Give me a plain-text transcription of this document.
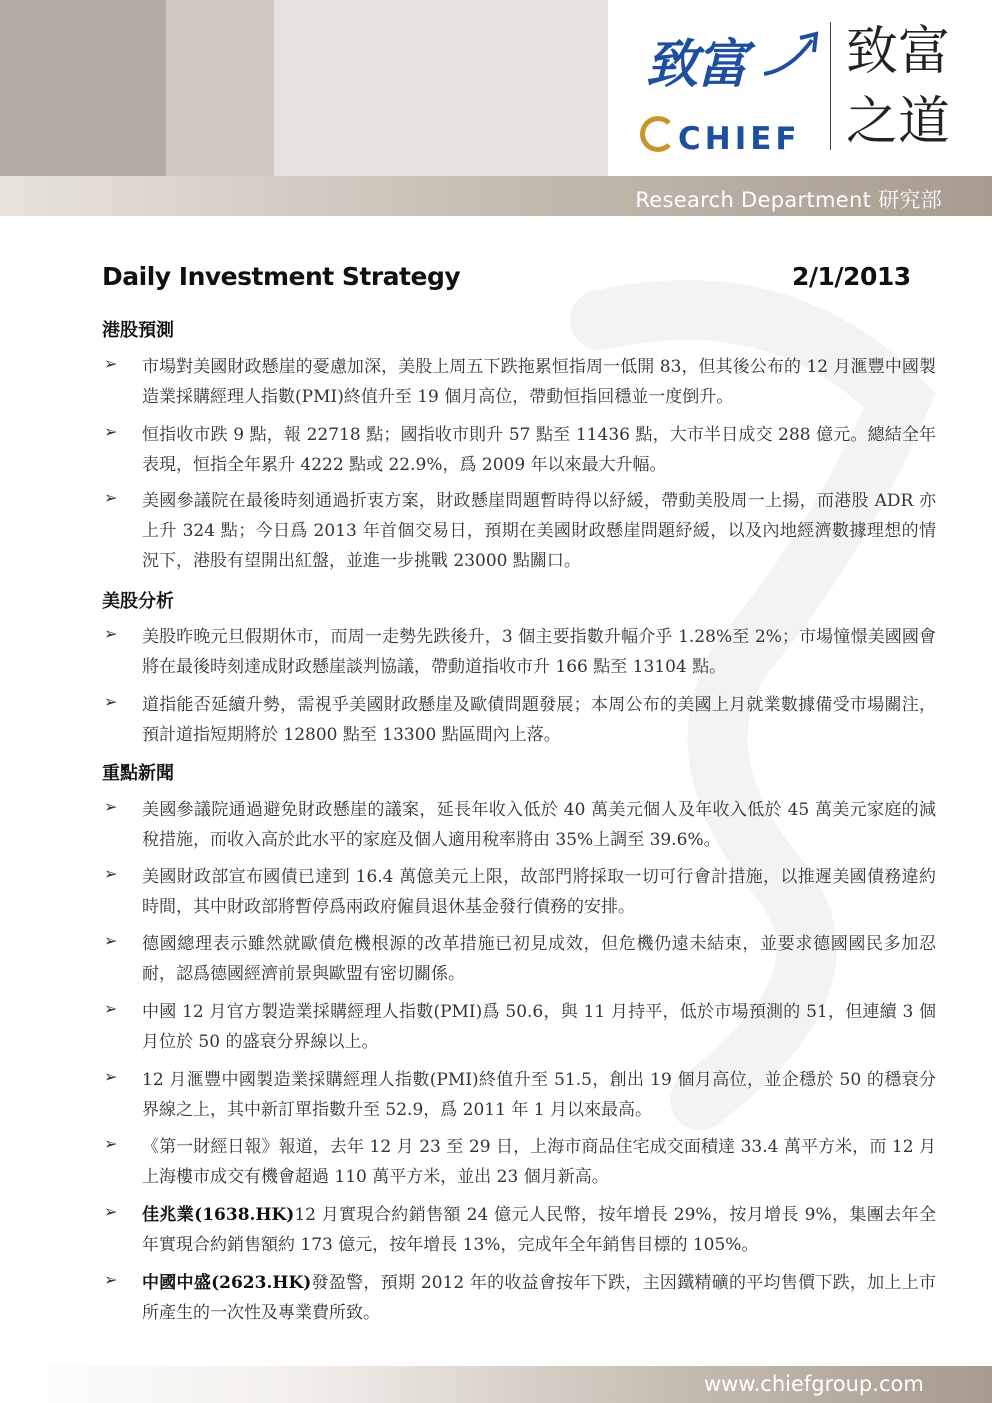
致富
CHIEF
致富
之道
Research Department 研究部
Daily Investment Strategy	2/1/2013
港股預測
➢ 市場對美國財政懸崖的憂慮加深，美股上周五下跌拖累恒指周一低開 83，但其後公布的 12 月滙豐中國製造業採購經理人指數(PMI)終值升至 19 個月高位，帶動恒指回穩並一度倒升。
➢ 恒指收市跌 9 點，報 22718 點；國指收市則升 57 點至 11436 點，大市半日成交 288 億元。總結全年表現，恒指全年累升 4222 點或 22.9%，爲 2009 年以來最大升幅。
➢ 美國參議院在最後時刻通過折衷方案，財政懸崖問題暫時得以紓緩，帶動美股周一上揚，而港股 ADR 亦上升 324 點；今日爲 2013 年首個交易日，預期在美國財政懸崖問題紓緩，以及內地經濟數據理想的情況下，港股有望開出紅盤，並進一步挑戰 23000 點關口。
美股分析
➢ 美股昨晚元旦假期休市，而周一走勢先跌後升，3 個主要指數升幅介乎 1.28%至 2%；市場憧憬美國國會將在最後時刻達成財政懸崖談判協議，帶動道指收市升 166 點至 13104 點。
➢ 道指能否延續升勢，需視乎美國財政懸崖及歐債問題發展；本周公布的美國上月就業數據備受市場關注，預計道指短期將於 12800 點至 13300 點區間內上落。
重點新聞
➢ 美國參議院通過避免財政懸崖的議案，延長年收入低於 40 萬美元個人及年收入低於 45 萬美元家庭的減稅措施，而收入高於此水平的家庭及個人適用稅率將由 35%上調至 39.6%。
➢ 美國財政部宣布國債已達到 16.4 萬億美元上限，故部門將採取一切可行會計措施，以推遲美國債務違約時間，其中財政部將暫停爲兩政府僱員退休基金發行債務的安排。
➢ 德國總理表示雖然就歐債危機根源的改革措施已初見成效，但危機仍遠未結束，並要求德國國民多加忍耐，認爲德國經濟前景與歐盟有密切關係。
➢ 中國 12 月官方製造業採購經理人指數(PMI)爲 50.6，與 11 月持平，低於市場預測的 51，但連續 3 個月位於 50 的盛衰分界線以上。
➢ 12 月滙豐中國製造業採購經理人指數(PMI)終值升至 51.5，創出 19 個月高位，並企穩於 50 的穩衰分界線之上，其中新訂單指數升至 52.9，爲 2011 年 1 月以來最高。
➢ 《第一財經日報》報道，去年 12 月 23 至 29 日，上海市商品住宅成交面積達 33.4 萬平方米，而 12 月上海樓市成交有機會超過 110 萬平方米，並出 23 個月新高。
➢ 佳兆業(1638.HK)12 月實現合約銷售額 24 億元人民幣，按年增長 29%，按月增長 9%，集團去年全年實現合約銷售額約 173 億元，按年增長 13%，完成年全年銷售目標的 105%。
➢ 中國中盛(2623.HK)發盈警，預期 2012 年的收益會按年下跌，主因鐵精礦的平均售價下跌，加上上市所產生的一次性及專業費所致。
www.chiefgroup.com
